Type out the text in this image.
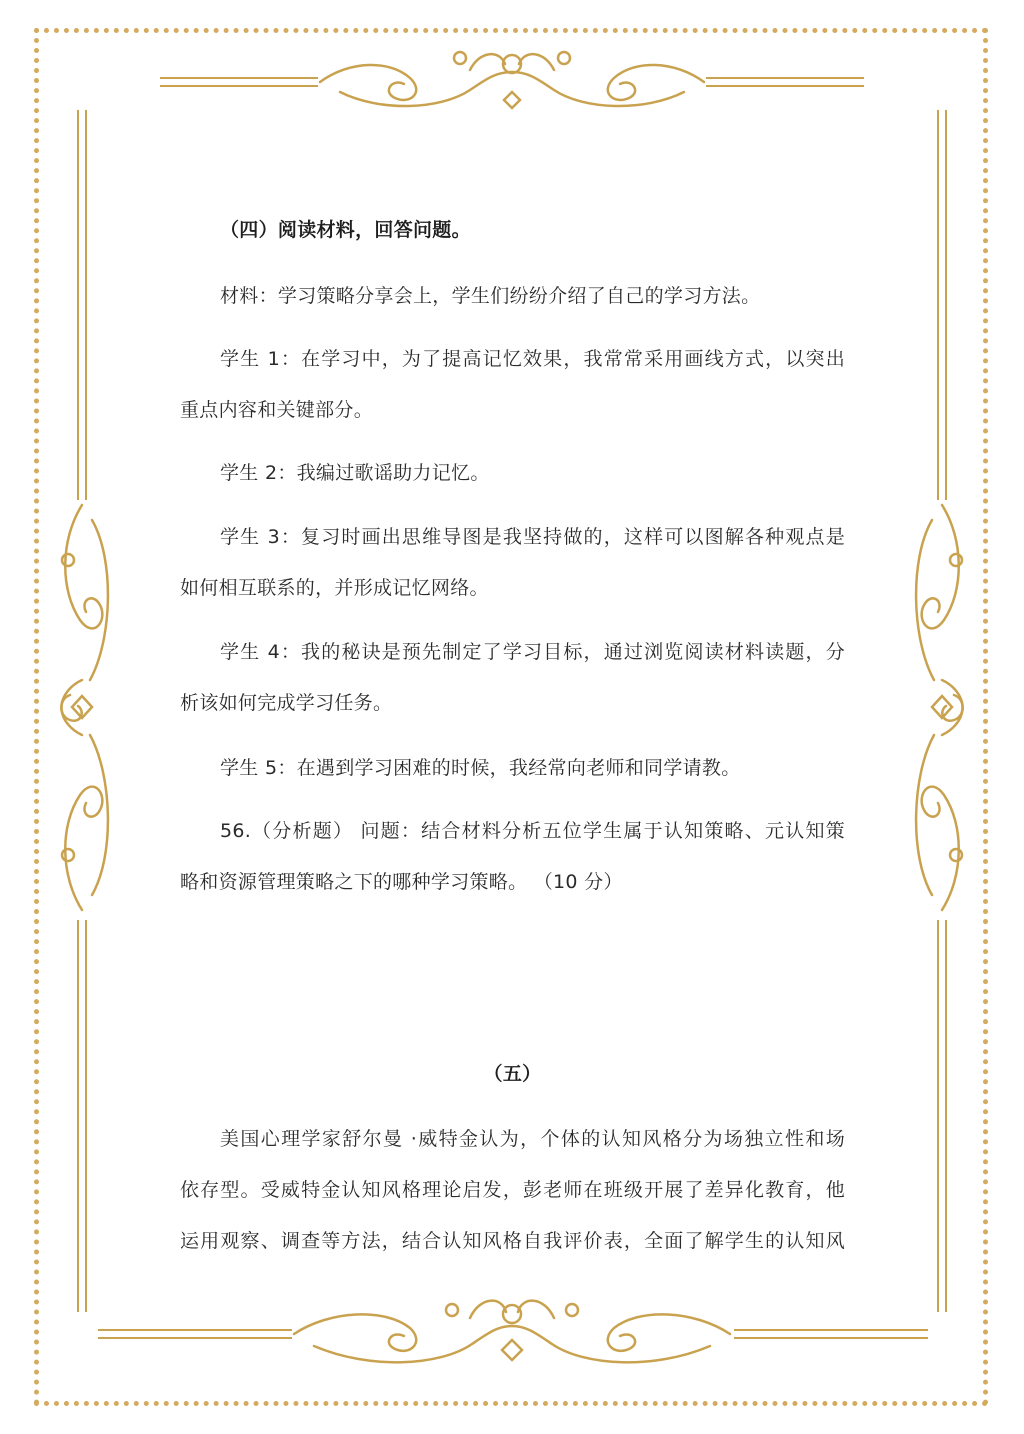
（四）阅读材料，回答问题。

材料：学习策略分享会上，学生们纷纷介绍了自己的学习方法。

学生 1：在学习中，为了提高记忆效果，我常常采用画线方式，以突出

重点内容和关键部分。

学生 2：我编过歌谣助力记忆。

学生 3：复习时画出思维导图是我坚持做的，这样可以图解各种观点是

如何相互联系的，并形成记忆网络。

学生 4：我的秘诀是预先制定了学习目标，通过浏览阅读材料读题，分

析该如何完成学习任务。

学生 5：在遇到学习困难的时候，我经常向老师和同学请教。

56.（分析题） 问题：结合材料分析五位学生属于认知策略、元认知策

略和资源管理策略之下的哪种学习策略。 （10 分）

（五）

美国心理学家舒尔曼 ·威特金认为，个体的认知风格分为场独立性和场

依存型。受威特金认知风格理论启发，彭老师在班级开展了差异化教育，他

运用观察、调查等方法，结合认知风格自我评价表，全面了解学生的认知风
